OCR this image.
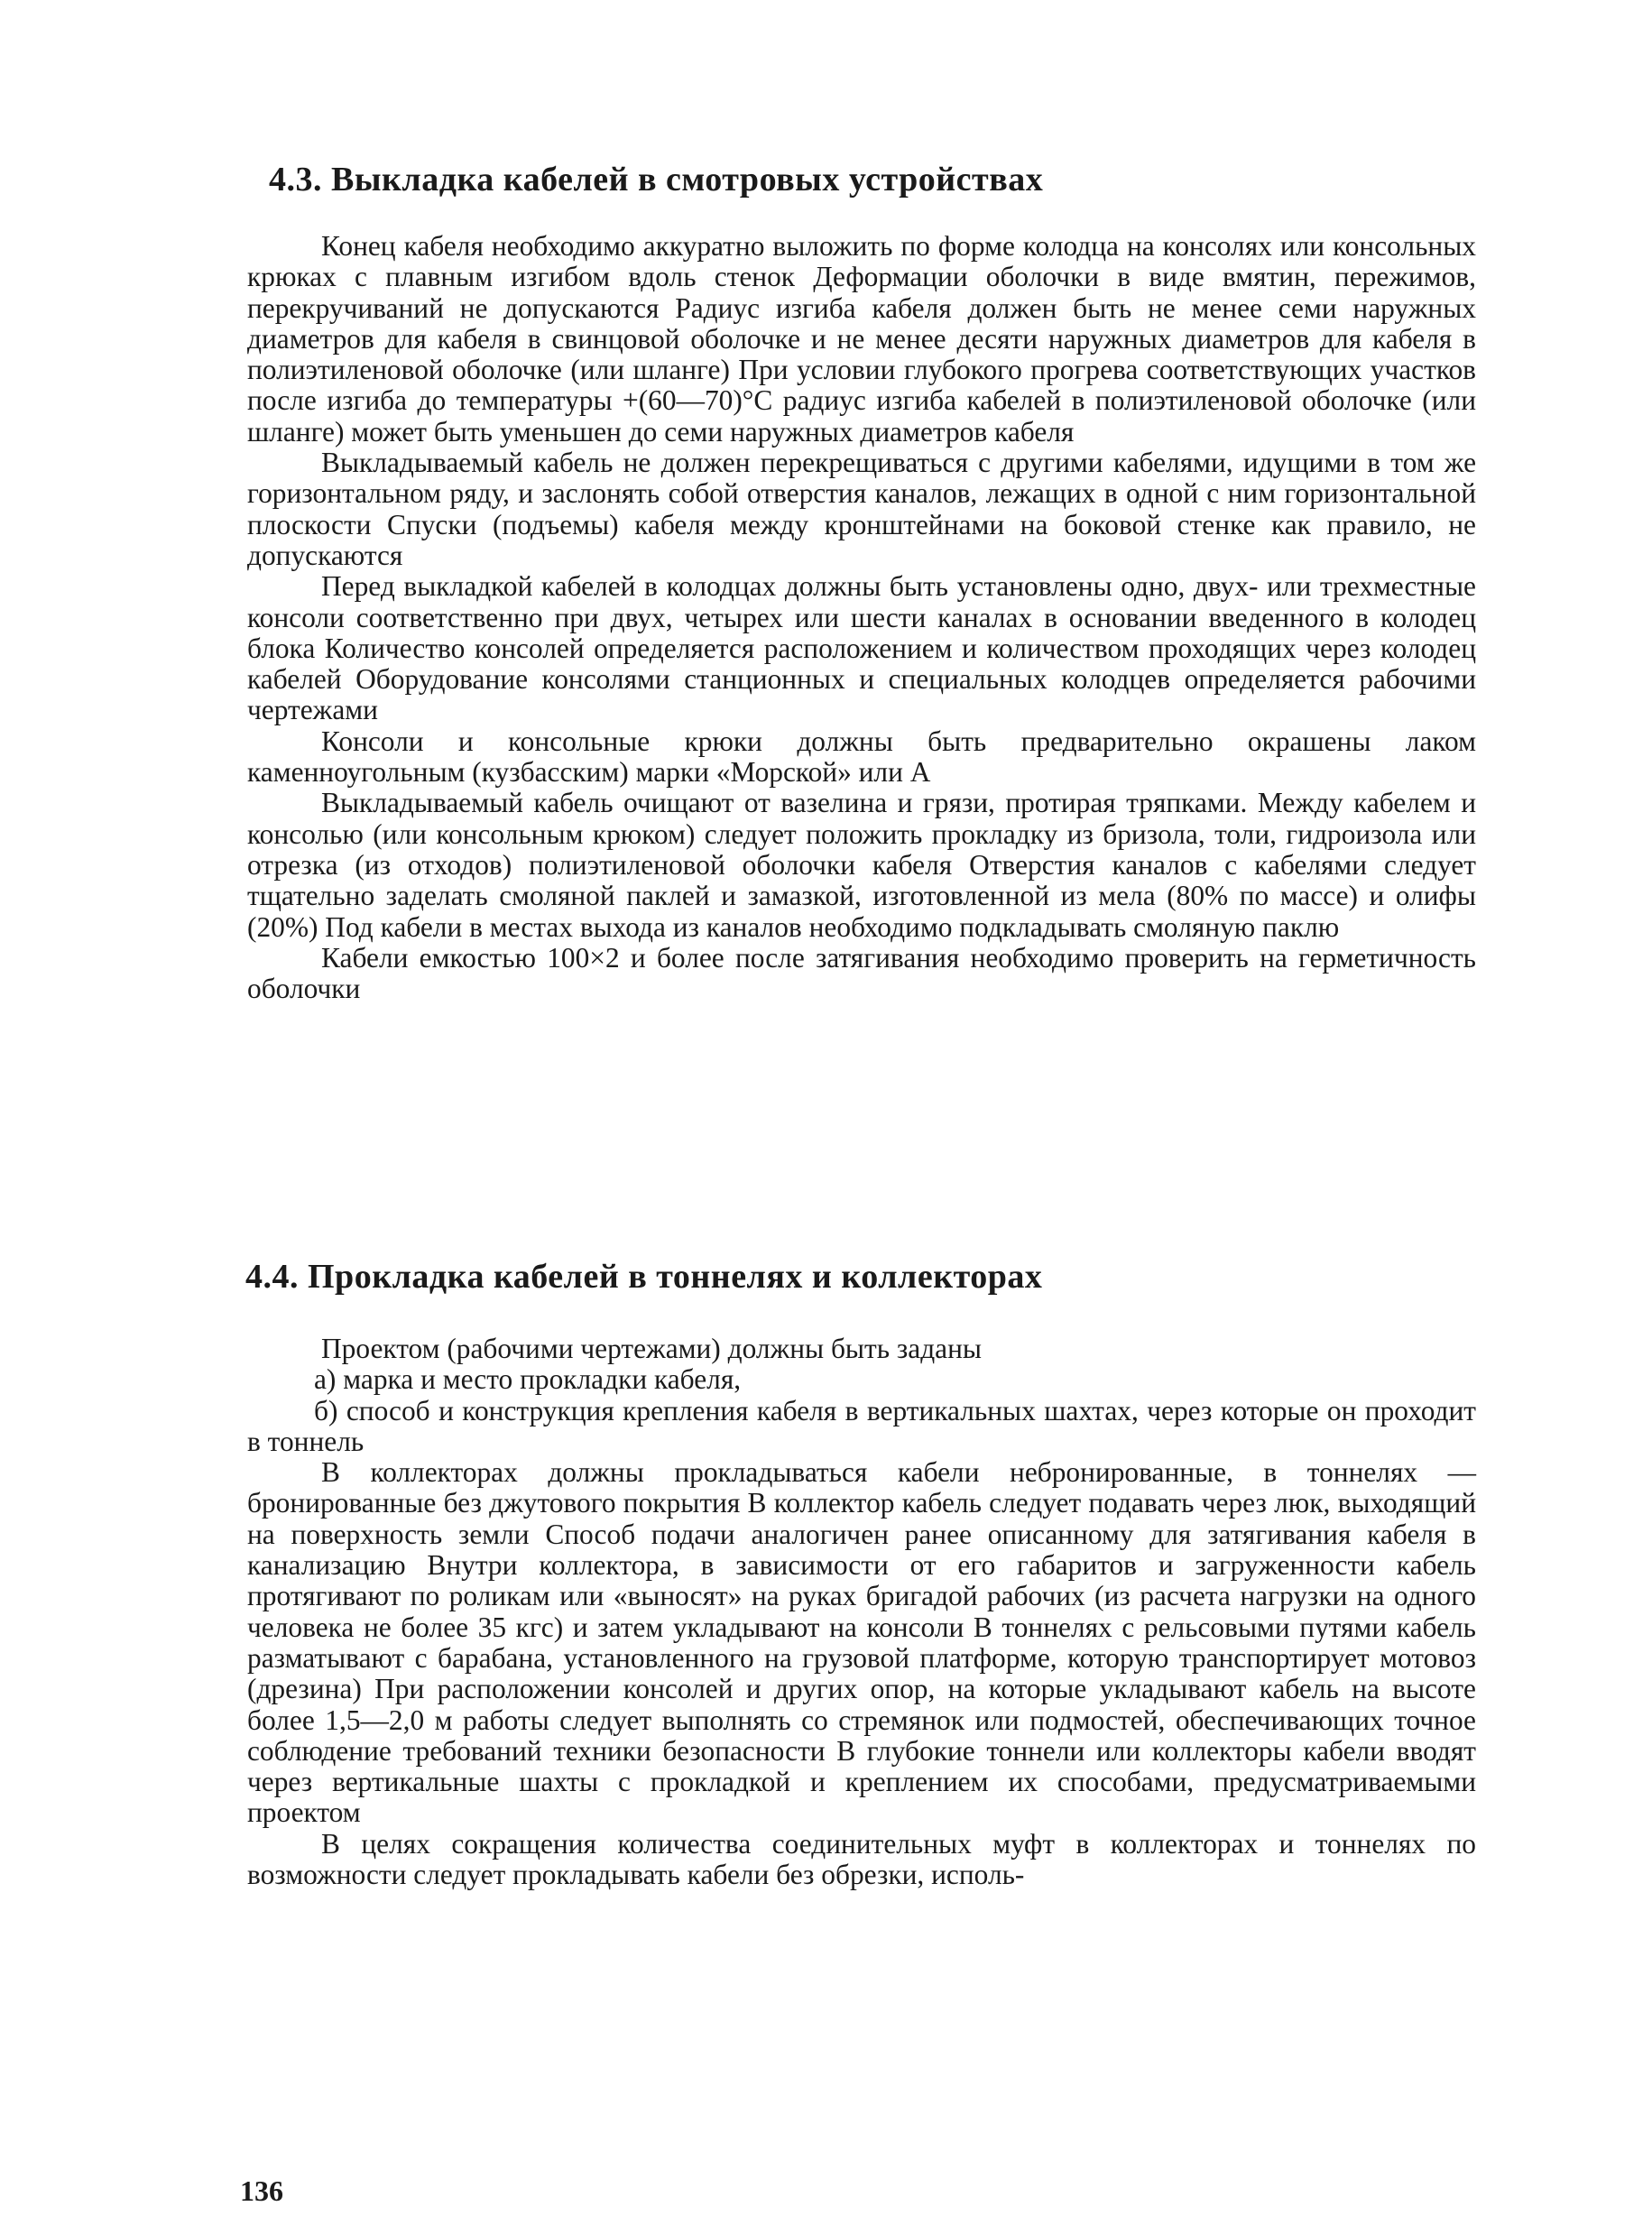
4.3. Выкладка кабелей в смотровых устройствах

Конец кабеля необходимо аккуратно выложить по форме колодца на консолях или консольных крюках с плавным изгибом вдоль стенок Деформации оболочки в виде вмятин, пережимов, перекручиваний не допускаются Радиус изгиба кабеля должен быть не менее семи наружных диаметров для кабеля в свинцовой оболочке и не менее десяти наружных диаметров для кабеля в полиэтиленовой оболочке (или шланге) При условии глубокого прогрева соответствующих участков после изгиба до температуры +(60—70)°С радиус изгиба кабелей в полиэтиленовой оболочке (или шланге) может быть уменьшен до семи наружных диаметров кабеля

Выкладываемый кабель не должен перекрещиваться с другими кабелями, идущими в том же горизонтальном ряду, и заслонять собой отверстия каналов, лежащих в одной с ним горизонтальной плоскости Спуски (подъемы) кабеля между кронштейнами на боковой стенке как правило, не допускаются

Перед выкладкой кабелей в колодцах должны быть установлены одно, двух- или трехместные консоли соответственно при двух, четырех или шести каналах в основании введенного в колодец блока Количество консолей определяется расположением и количеством проходящих через колодец кабелей Оборудование консолями станционных и специальных колодцев определяется рабочими чертежами

Консоли и консольные крюки должны быть предварительно окрашены лаком каменноугольным (кузбасским) марки «Морской» или А

Выкладываемый кабель очищают от вазелина и грязи, протирая тряпками. Между кабелем и консолью (или консольным крюком) следует положить прокладку из бризола, толи, гидроизола или отрезка (из отходов) полиэтиленовой оболочки кабеля Отверстия каналов с кабелями следует тщательно заделать смоляной паклей и замазкой, изготовленной из мела (80% по массе) и олифы (20%) Под кабели в местах выхода из каналов необходимо подкладывать смоляную паклю

Кабели емкостью 100×2 и более после затягивания необходимо проверить на герметичность оболочки

4.4. Прокладка кабелей в тоннелях и коллекторах

Проектом (рабочими чертежами) должны быть заданы

а) марка и место прокладки кабеля,

б) способ и конструкция крепления кабеля в вертикальных шахтах, через которые он проходит в тоннель

В коллекторах должны прокладываться кабели небронированные, в тоннелях — бронированные без джутового покрытия В коллектор кабель следует подавать через люк, выходящий на поверхность земли Способ подачи аналогичен ранее описанному для затягивания кабеля в канализацию Внутри коллектора, в зависимости от его габаритов и загруженности кабель протягивают по роликам или «выносят» на руках бригадой рабочих (из расчета нагрузки на одного человека не более 35 кгс) и затем укладывают на консоли В тоннелях с рельсовыми путями кабель разматывают с барабана, установленного на грузовой платформе, которую транспортирует мотовоз (дрезина) При расположении консолей и других опор, на которые укладывают кабель на высоте более 1,5—2,0 м работы следует выполнять со стремянок или подмостей, обеспечивающих точное соблюдение требований техники безопасности В глубокие тоннели или коллекторы кабели вводят через вертикальные шахты с прокладкой и креплением их способами, предусматриваемыми проектом

В целях сокращения количества соединительных муфт в коллекторах и тоннелях по возможности следует прокладывать кабели без обрезки, исполь-

136
